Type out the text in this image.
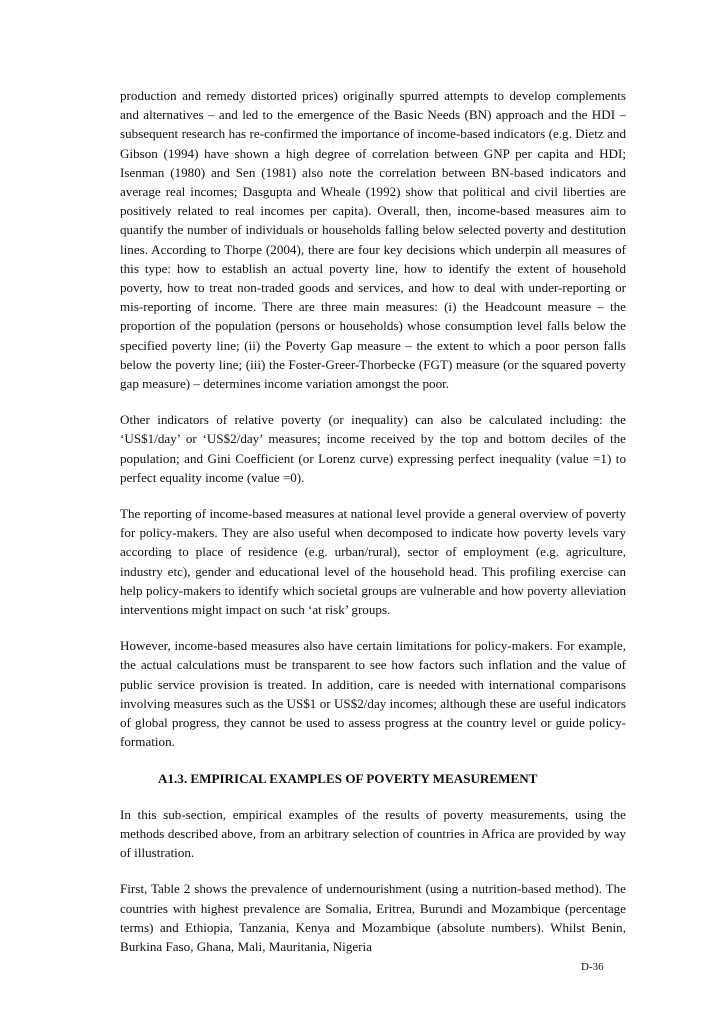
production and remedy distorted prices) originally spurred attempts to develop complements and alternatives – and led to the emergence of the Basic Needs (BN) approach and the HDI – subsequent research has re-confirmed the importance of income-based indicators (e.g. Dietz and Gibson (1994) have shown a high degree of correlation between GNP per capita and HDI; Isenman (1980) and Sen (1981) also note the correlation between BN-based indicators and average real incomes; Dasgupta and Wheale (1992) show that political and civil liberties are positively related to real incomes per capita). Overall, then, income-based measures aim to quantify the number of individuals or households falling below selected poverty and destitution lines. According to Thorpe (2004), there are four key decisions which underpin all measures of this type: how to establish an actual poverty line, how to identify the extent of household poverty, how to treat non-traded goods and services, and how to deal with under-reporting or mis-reporting of income. There are three main measures: (i) the Headcount measure – the proportion of the population (persons or households) whose consumption level falls below the specified poverty line; (ii) the Poverty Gap measure – the extent to which a poor person falls below the poverty line; (iii) the Foster-Greer-Thorbecke (FGT) measure (or the squared poverty gap measure) – determines income variation amongst the poor.

Other indicators of relative poverty (or inequality) can also be calculated including: the ‘US$1/day’ or ‘US$2/day’ measures; income received by the top and bottom deciles of the population; and Gini Coefficient (or Lorenz curve) expressing perfect inequality (value =1) to perfect equality income (value =0).

The reporting of income-based measures at national level provide a general overview of poverty for policy-makers. They are also useful when decomposed to indicate how poverty levels vary according to place of residence (e.g. urban/rural), sector of employment (e.g. agriculture, industry etc), gender and educational level of the household head. This profiling exercise can help policy-makers to identify which societal groups are vulnerable and how poverty alleviation interventions might impact on such ‘at risk’ groups.

However, income-based measures also have certain limitations for policy-makers. For example, the actual calculations must be transparent to see how factors such inflation and the value of public service provision is treated. In addition, care is needed with international comparisons involving measures such as the US$1 or US$2/day incomes; although these are useful indicators of global progress, they cannot be used to assess progress at the country level or guide policy-formation.

A1.3. EMPIRICAL EXAMPLES OF POVERTY MEASUREMENT

In this sub-section, empirical examples of the results of poverty measurements, using the methods described above, from an arbitrary selection of countries in Africa are provided by way of illustration.

First, Table 2 shows the prevalence of undernourishment (using a nutrition-based method). The countries with highest prevalence are Somalia, Eritrea, Burundi and Mozambique (percentage terms) and Ethiopia, Tanzania, Kenya and Mozambique (absolute numbers). Whilst Benin, Burkina Faso, Ghana, Mali, Mauritania, Nigeria

D-36
